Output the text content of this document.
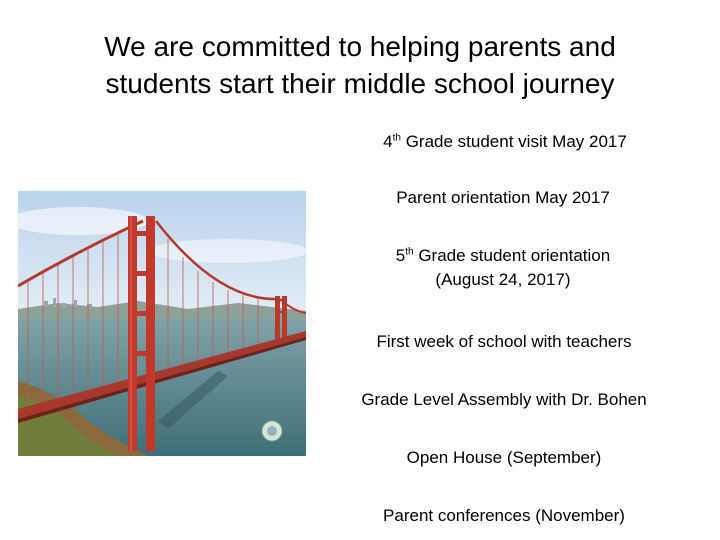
We are committed to helping parents and
students start their middle school journey
4th Grade student visit May 2017
Parent orientation May 2017
5th Grade student orientation
(August 24, 2017)
First week of school with teachers
Grade Level Assembly with Dr. Bohen
Open House (September)
Parent conferences (November)
